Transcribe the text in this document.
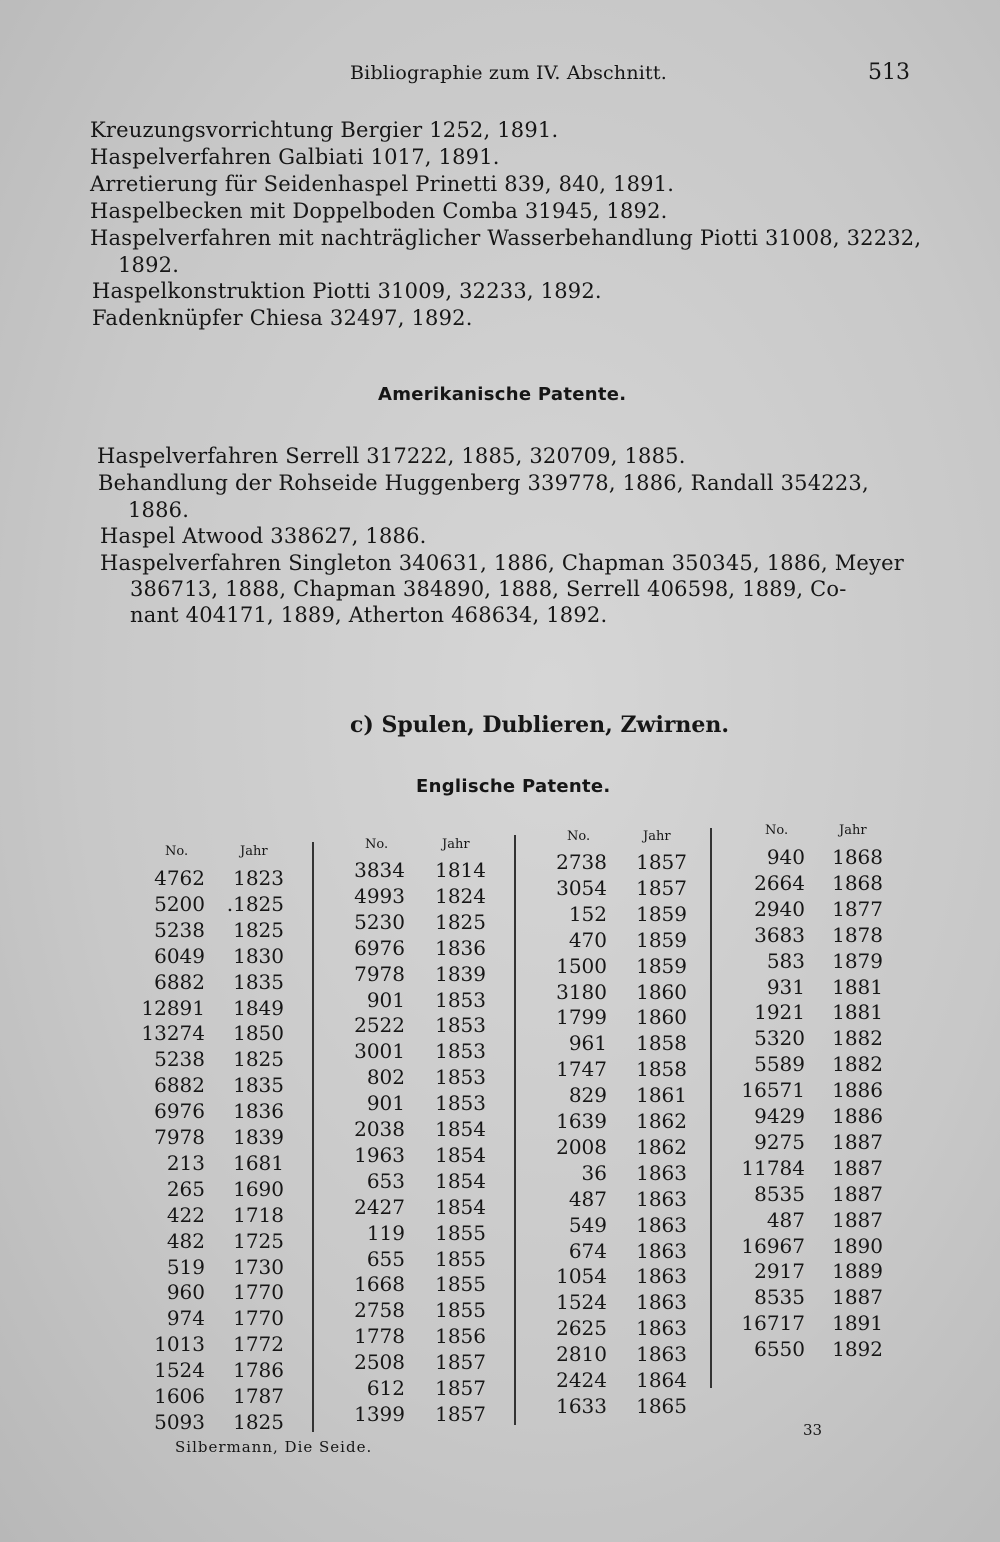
Bibliographie zum IV. Abschnitt.	513
Kreuzungsvorrichtung Bergier 1252, 1891.
Haspelverfahren Galbiati 1017, 1891.
Arretierung für Seidenhaspel Prinetti 839, 840, 1891.
Haspelbecken mit Doppelboden Comba 31945, 1892.
Haspelverfahren mit nachträglicher Wasserbehandlung Piotti 31008, 32232,
1892.
Haspelkonstruktion Piotti 31009, 32233, 1892.
Fadenknüpfer Chiesa 32497, 1892.
Amerikanische Patente.
Haspelverfahren Serrell 317222, 1885, 320709, 1885.
Behandlung der Rohseide Huggenberg 339778, 1886, Randall 354223,
1886.
Haspel Atwood 338627, 1886.
Haspelverfahren Singleton 340631, 1886, Chapman 350345, 1886, Meyer
386713, 1888, Chapman 384890, 1888, Serrell 406598, 1889, Co-
nant 404171, 1889, Atherton 468634, 1892.
c) Spulen, Dublieren, Zwirnen.
Englische Patente.
No.	Jahr
4762	1823
5200	.1825
5238	1825
6049	1830
6882	1835
12891	1849
13274	1850
5238	1825
6882	1835
6976	1836
7978	1839
213	1681
265	1690
422	1718
482	1725
519	1730
960	1770
974	1770
1013	1772
1524	1786
1606	1787
5093	1825
No.	Jahr
3834	1814
4993	1824
5230	1825
6976	1836
7978	1839
901	1853
2522	1853
3001	1853
802	1853
901	1853
2038	1854
1963	1854
653	1854
2427	1854
119	1855
655	1855
1668	1855
2758	1855
1778	1856
2508	1857
612	1857
1399	1857
No.	Jahr
2738	1857
3054	1857
152	1859
470	1859
1500	1859
3180	1860
1799	1860
961	1858
1747	1858
829	1861
1639	1862
2008	1862
36	1863
487	1863
549	1863
674	1863
1054	1863
1524	1863
2625	1863
2810	1863
2424	1864
1633	1865
No.	Jahr
940	1868
2664	1868
2940	1877
3683	1878
583	1879
931	1881
1921	1881
5320	1882
5589	1882
16571	1886
9429	1886
9275	1887
11784	1887
8535	1887
487	1887
16967	1890
2917	1889
8535	1887
16717	1891
6550	1892
Silbermann, Die Seide.
33
